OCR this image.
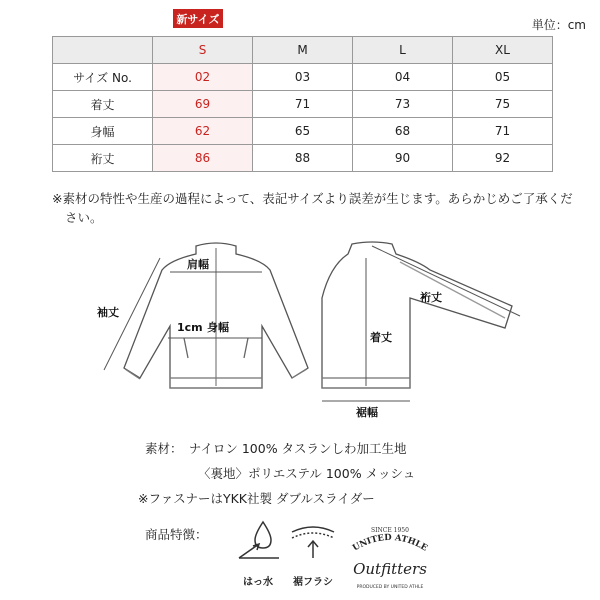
新サイズ	単位：cm
	S	M	L	XL
サイズ No.	02	03	04	05
着丈	69	71	73	75
身幅	62	65	68	71
裄丈	86	88	90	92
※素材の特性や生産の過程によって、表記サイズより誤差が生じます。あらかじめご了承ください。
肩幅
袖丈
1cm 身幅
着丈
裄丈
裾幅
素材：　ナイロン 100% タスランしわ加工生地
〈裏地〉ポリエステル 100% メッシュ
※ファスナーはYKK社製 ダブルスライダー
商品特徴：
はっ水	裾フラシ
SINCE 1950
UNITED ATHLE
Outfitters
PRODUCED BY UNITED ATHLE
